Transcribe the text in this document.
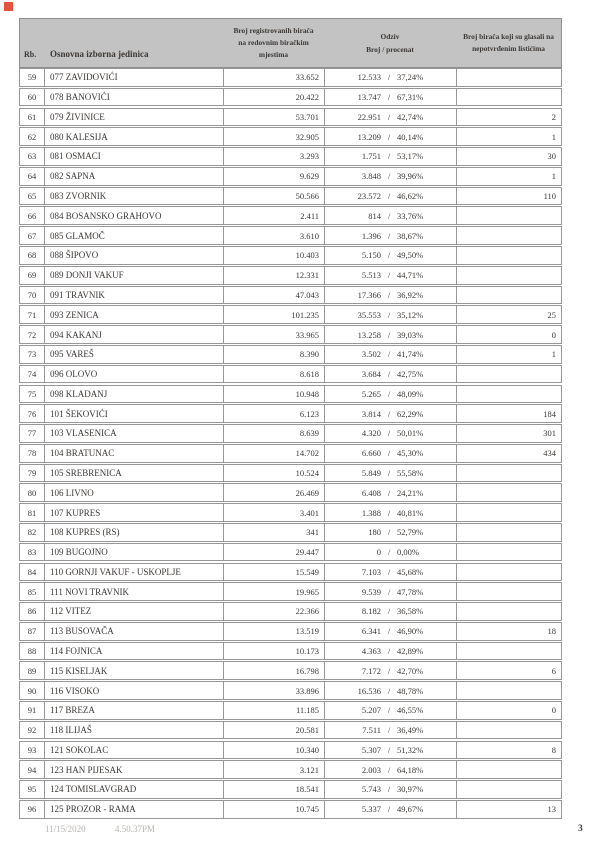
Rb. Osnovna izborna jedinica
Broj registrovanih birača na redovnim biračkim mjestima
Odziv
Broj / procenat
Broj birača koji su glasali na nepotvrđenim listićima
59	077 ZAVIDOVIĆI	33.652	12.533 / 37,24%
60	078 BANOVIĆI	20.422	13.747 / 67,31%
61	079 ŽIVINICE	53.701	22.951 / 42,74%	2
62	080 KALESIJA	32.905	13.209 / 40,14%	1
63	081 OSMACI	3.293	1.751 / 53,17%	30
64	082 SAPNA	9.629	3.848 / 39,96%	1
65	083 ZVORNIK	50.566	23.572 / 46,62%	110
66	084 BOSANSKO GRAHOVO	2.411	814 / 33,76%
67	085 GLAMOČ	3.610	1.396 / 38,67%
68	088 ŠIPOVO	10.403	5.150 / 49,50%
69	089 DONJI VAKUF	12.331	5.513 / 44,71%
70	091 TRAVNIK	47.043	17.366 / 36,92%
71	093 ZENICA	101.235	35.553 / 35,12%	25
72	094 KAKANJ	33.965	13.258 / 39,03%	0
73	095 VAREŠ	8.390	3.502 / 41,74%	1
74	096 OLOVO	8.618	3.684 / 42,75%
75	098 KLADANJ	10.948	5.265 / 48,09%
76	101 ŠEKOVIĆI	6.123	3.814 / 62,29%	184
77	103 VLASENICA	8.639	4.320 / 50,01%	301
78	104 BRATUNAC	14.702	6.660 / 45,30%	434
79	105 SREBRENICA	10.524	5.849 / 55,58%
80	106 LIVNO	26.469	6.408 / 24,21%
81	107 KUPRES	3.401	1.388 / 40,81%
82	108 KUPRES (RS)	341	180 / 52,79%
83	109 BUGOJNO	29.447	0 / 0,00%
84	110 GORNJI VAKUF - USKOPLJE	15.549	7.103 / 45,68%
85	111 NOVI TRAVNIK	19.965	9.539 / 47,78%
86	112 VITEZ	22.366	8.182 / 36,58%
87	113 BUSOVAČA	13.519	6.341 / 46,90%	18
88	114 FOJNICA	10.173	4.363 / 42,89%
89	115 KISELJAK	16.798	7.172 / 42,70%	6
90	116 VISOKO	33.896	16.536 / 48,78%
91	117 BREZA	11.185	5.207 / 46,55%	0
92	118 ILIJAŠ	20.581	7.511 / 36,49%
93	121 SOKOLAC	10.340	5.307 / 51,32%	8
94	123 HAN PIJESAK	3.121	2.003 / 64,18%
95	124 TOMISLAVGRAD	18.541	5.743 / 30,97%
96	125 PROZOR - RAMA	10.745	5.337 / 49,67%	13
11/15/2020	4.50.37PM	3
